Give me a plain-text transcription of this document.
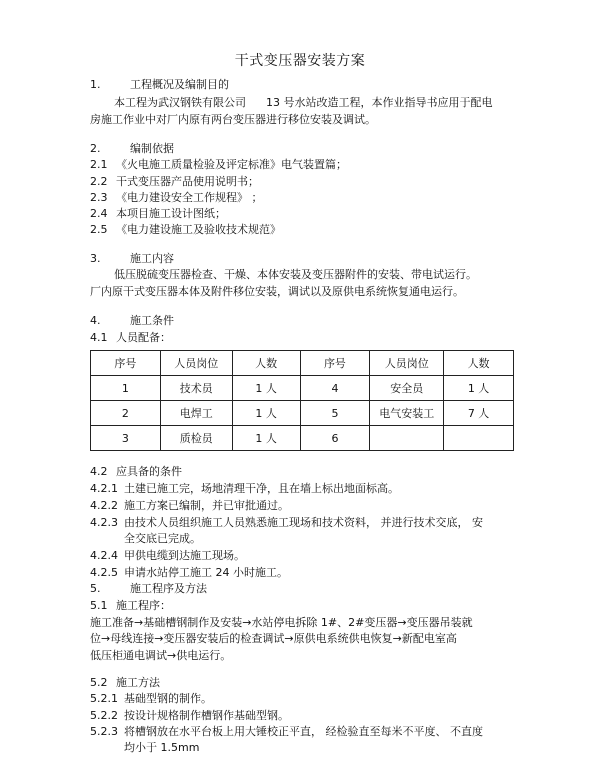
干式变压器安装方案
1.	工程概况及编制目的
本工程为武汉钢铁有限公司 13 号水站改造工程，本作业指导书应用于配电
房施工作业中对厂内原有两台变压器进行移位安装及调试。
2.	编制依据
2.1 《火电施工质量检验及评定标准》电气装置篇；
2.2 干式变压器产品使用说明书；
2.3 《电力建设安全工作规程》 ；
2.4 本项目施工设计图纸；
2.5 《电力建设施工及验收技术规范》
3.	施工内容
低压脱硫变压器检查、干燥、本体安装及变压器附件的安装、带电试运行。
厂内原干式变压器本体及附件移位安装，调试以及原供电系统恢复通电运行。
4.	施工条件
4.1 人员配备：
序号	人员岗位	人数	序号	人员岗位	人数
1	技术员	1 人	4	安全员	1 人
2	电焊工	1 人	5	电气安装工	7 人
3	质检员	1 人	6		
4.2 应具备的条件
4.2.1 土建已施工完，场地清理干净，且在墙上标出地面标高。
4.2.2 施工方案已编制，并已审批通过。
4.2.3 由技术人员组织施工人员熟悉施工现场和技术资料， 并进行技术交底， 安
全交底已完成。
4.2.4 甲供电缆到达施工现场。
4.2.5 申请水站停工施工 24 小时施工。
5.	施工程序及方法
5.1 施工程序：
施工准备→基础槽钢制作及安装→水站停电拆除 1#、2#变压器→变压器吊装就
位→母线连接→变压器安装后的检查调试→原供电系统供电恢复→新配电室高
低压柜通电调试→供电运行。
5.2 施工方法
5.2.1 基础型钢的制作。
5.2.2 按设计规格制作槽钢作基础型钢。
5.2.3 将槽钢放在水平台板上用大锤校正平直， 经检验直至每米不平度、 不直度
均小于 1.5mm
